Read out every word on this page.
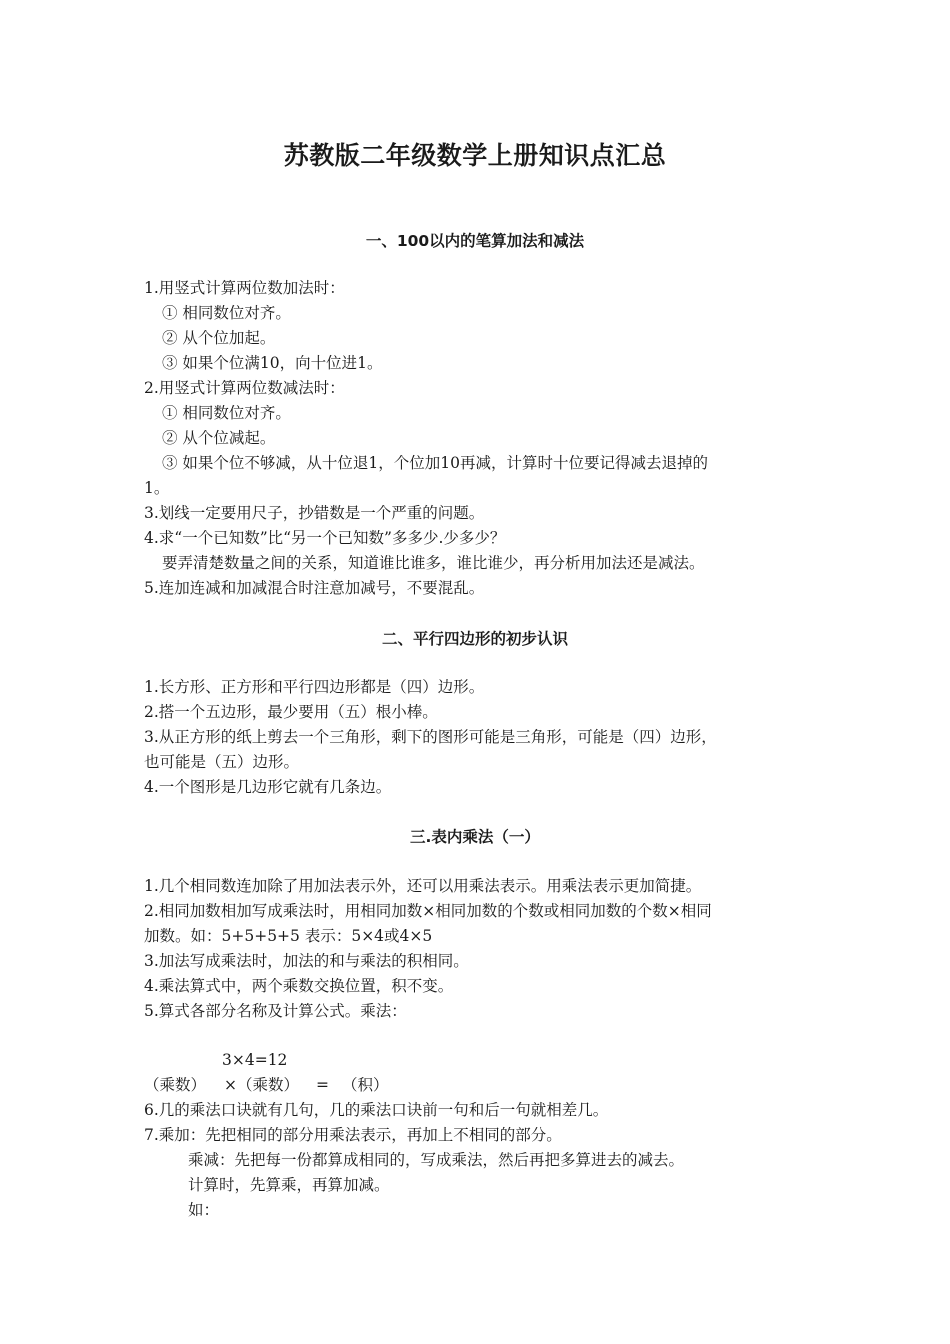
苏教版二年级数学上册知识点汇总
一、100以内的笔算加法和减法
1.用竖式计算两位数加法时：
① 相同数位对齐。
② 从个位加起。
③ 如果个位满10，向十位进1。
2.用竖式计算两位数减法时：
① 相同数位对齐。
② 从个位减起。
③ 如果个位不够减，从十位退1，个位加10再减，计算时十位要记得减去退掉的
1。
3.划线一定要用尺子，抄错数是一个严重的问题。
4.求“一个已知数”比“另一个已知数”多多少.少多少？
要弄清楚数量之间的关系，知道谁比谁多，谁比谁少，再分析用加法还是减法。
5.连加连减和加减混合时注意加减号，不要混乱。
二、平行四边形的初步认识
1.长方形、正方形和平行四边形都是（四）边形。
2.搭一个五边形，最少要用（五）根小棒。
3.从正方形的纸上剪去一个三角形，剩下的图形可能是三角形，可能是（四）边形，
也可能是（五）边形。
4.一个图形是几边形它就有几条边。
三.表内乘法（一）
1.几个相同数连加除了用加法表示外，还可以用乘法表示。用乘法表示更加简捷。
2.相同加数相加写成乘法时，用相同加数×相同加数的个数或相同加数的个数×相同
加数。如：5+5+5+5 表示：5×4或4×5
3.加法写成乘法时，加法的和与乘法的积相同。
4.乘法算式中，两个乘数交换位置，积不变。
5.算式各部分名称及计算公式。乘法：
3×4=12
（乘数） ×（乘数） = （积）
6.几的乘法口诀就有几句，几的乘法口诀前一句和后一句就相差几。
7.乘加：先把相同的部分用乘法表示，再加上不相同的部分。
乘减：先把每一份都算成相同的，写成乘法，然后再把多算进去的减去。
计算时，先算乘，再算加减。
如：
